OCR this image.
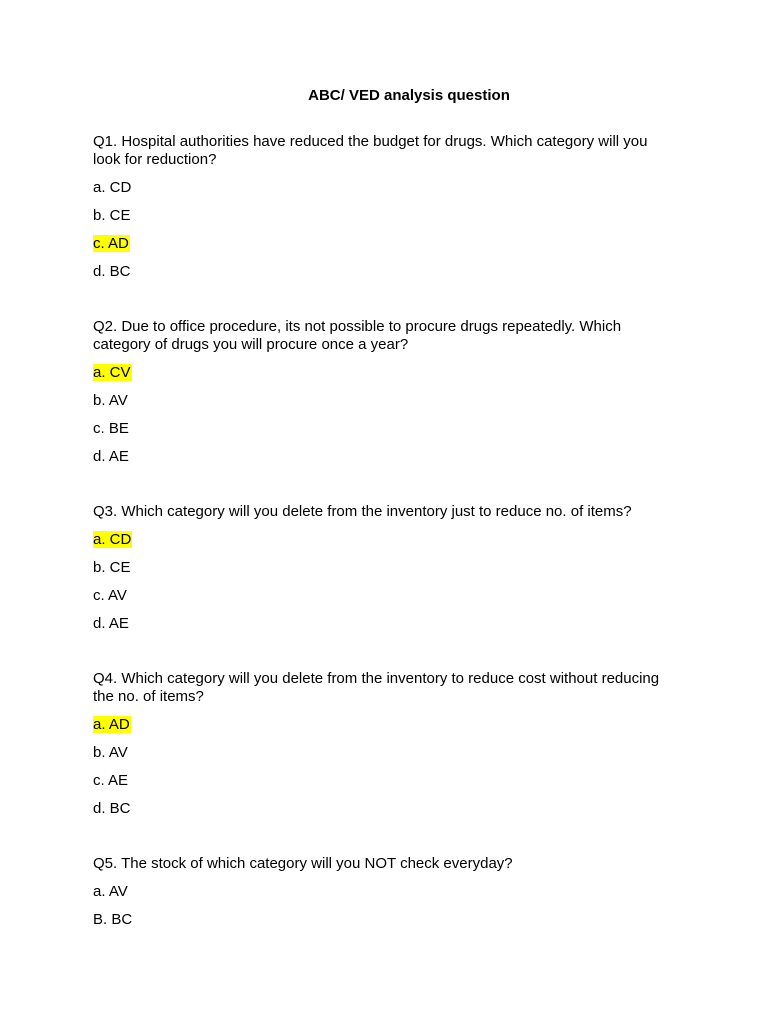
ABC/ VED analysis question

Q1. Hospital authorities have reduced the budget for drugs. Which category will you look for reduction?

a. CD
b. CE
c. AD
d. BC

Q2. Due to office procedure, its not possible to procure drugs repeatedly. Which category of drugs you will procure once a year?

a. CV
b. AV
c. BE
d. AE

Q3. Which category will you delete from the inventory just to reduce no. of items?

a. CD
b. CE
c. AV
d. AE

Q4. Which category will you delete from the inventory to reduce cost without reducing the no. of items?

a. AD
b. AV
c. AE
d. BC

Q5. The stock of which category will you NOT check everyday?

a. AV
B. BC
